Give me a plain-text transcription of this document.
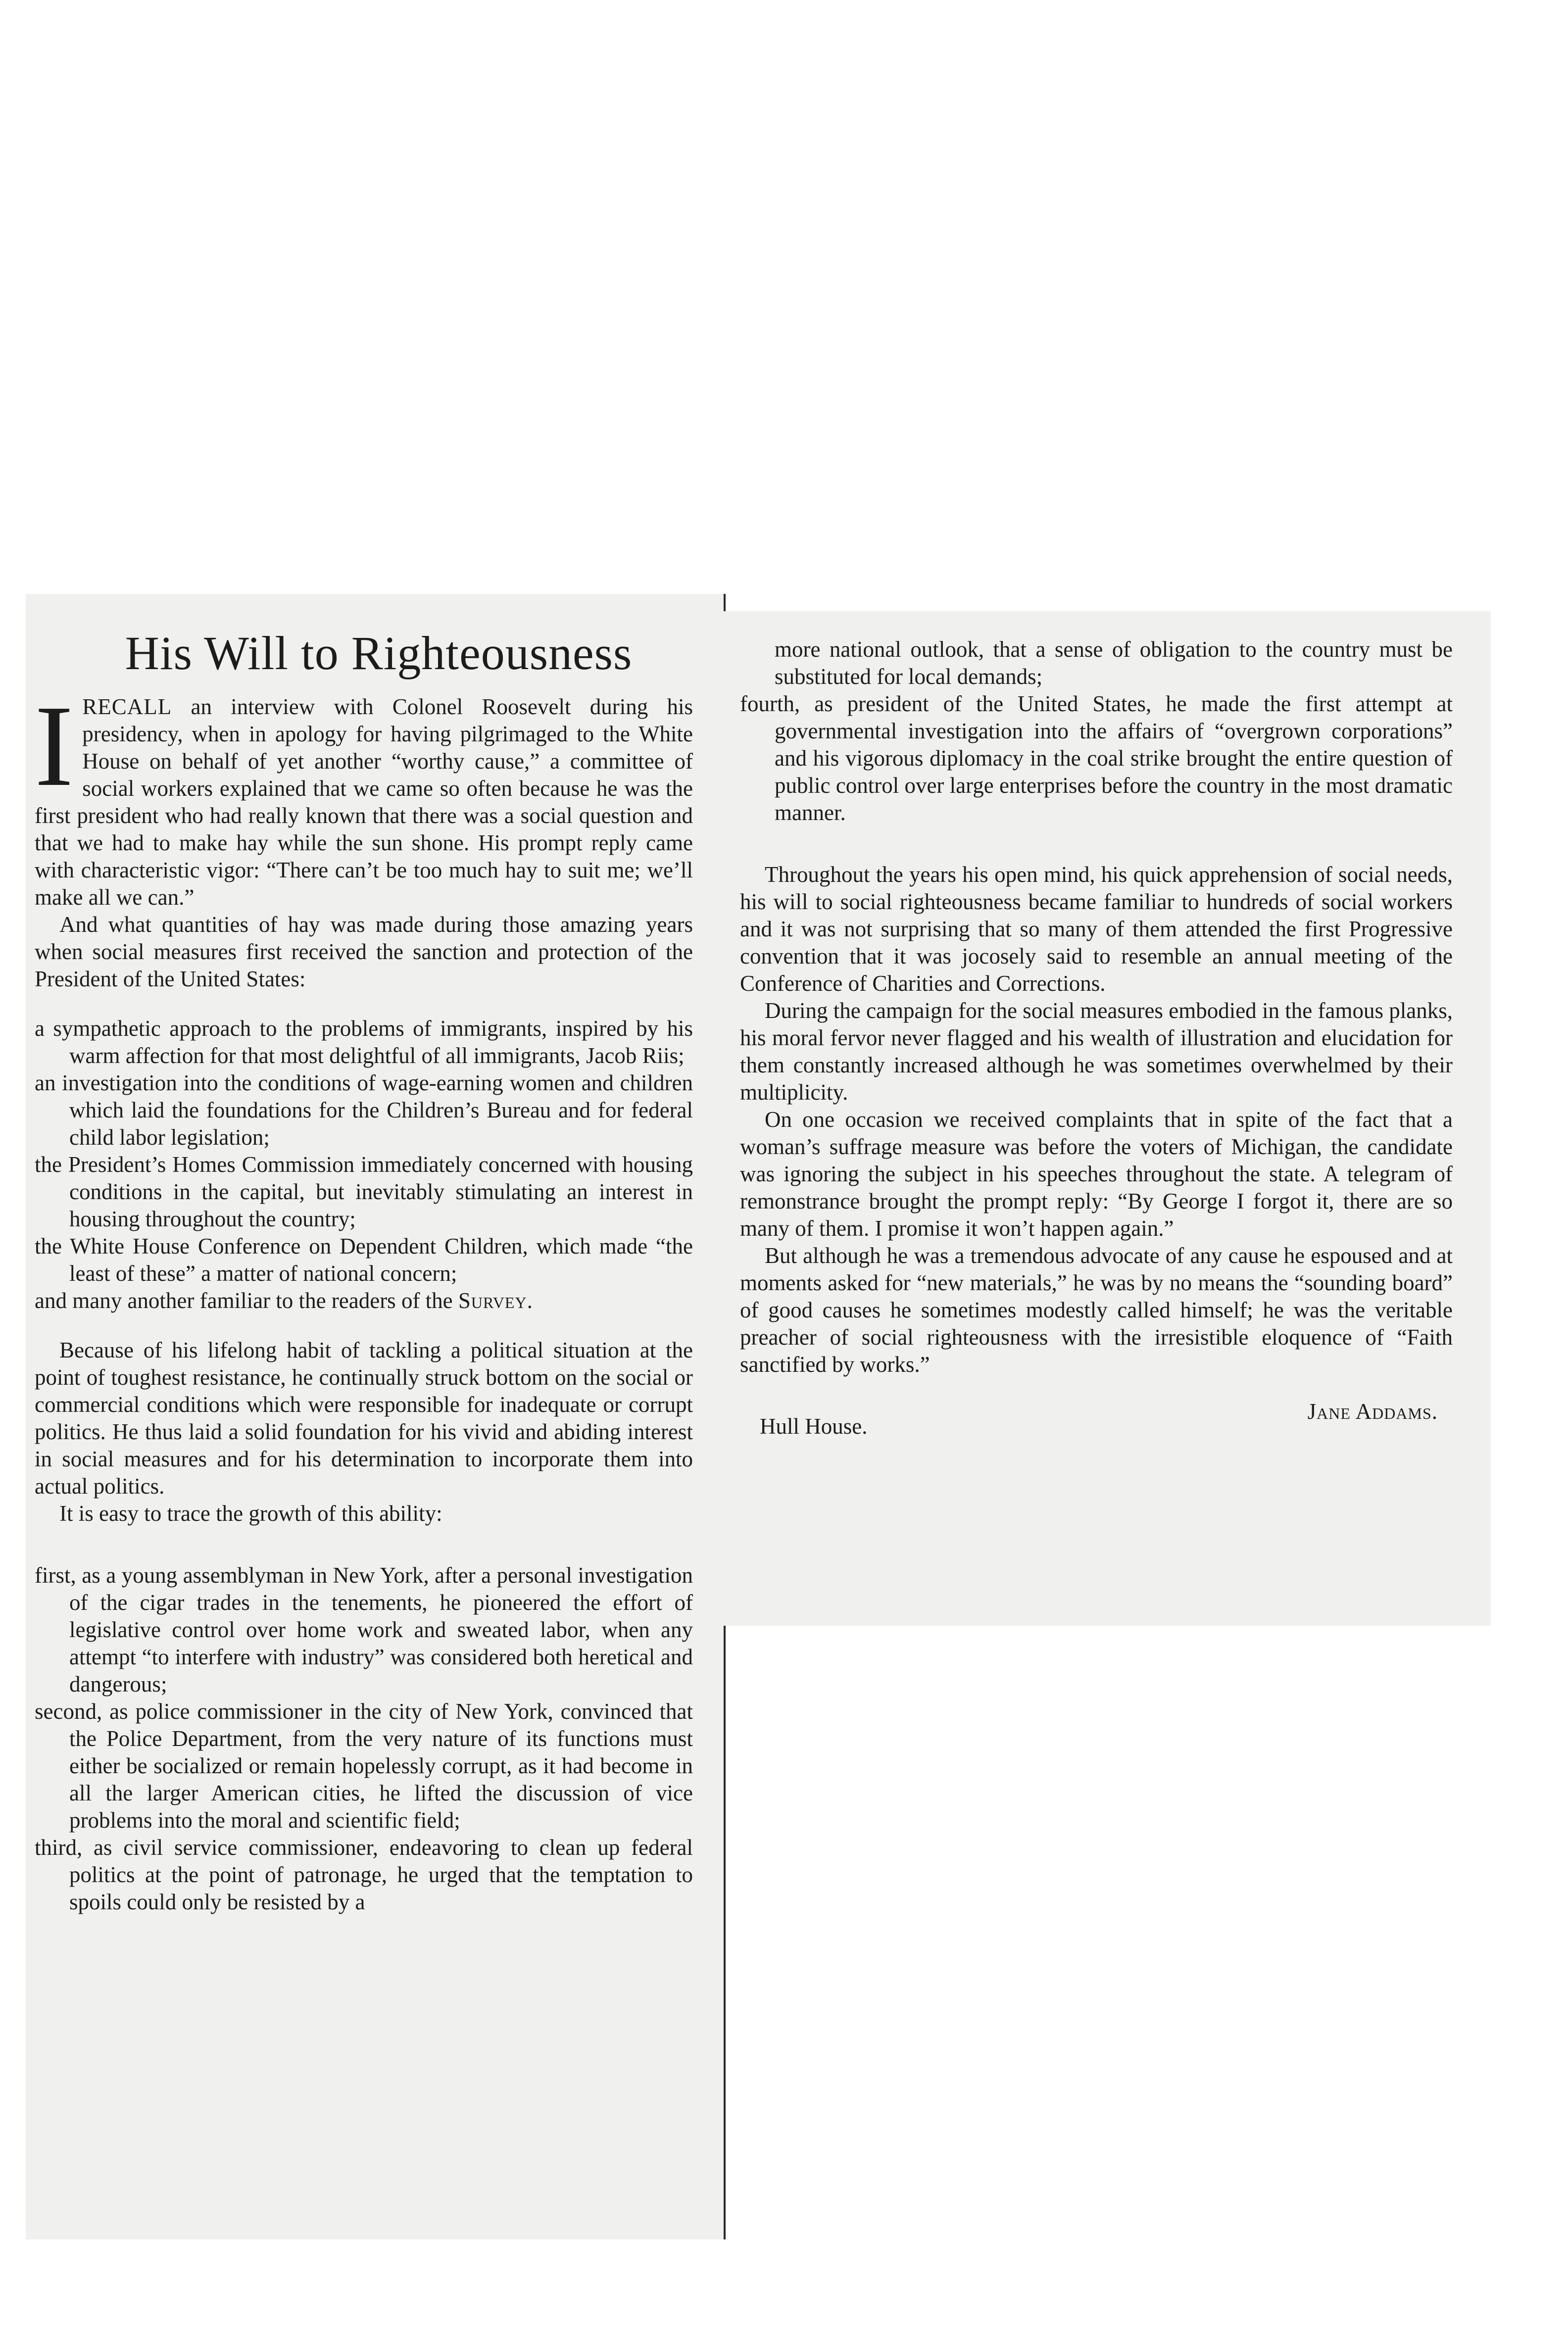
His Will to Righteousness

I RECALL an interview with Colonel Roosevelt during his presidency, when in apology for having pilgrimaged to the White House on behalf of yet another “worthy cause,” a committee of social workers explained that we came so often because he was the first president who had really known that there was a social question and that we had to make hay while the sun shone. His prompt reply came with characteristic vigor: “There can’t be too much hay to suit me; we’ll make all we can.”

And what quantities of hay was made during those amazing years when social measures first received the sanction and protection of the President of the United States:

a sympathetic approach to the problems of immigrants, inspired by his warm affection for that most delightful of all immigrants, Jacob Riis;
an investigation into the conditions of wage-earning women and children which laid the foundations for the Children’s Bureau and for federal child labor legislation;
the President’s Homes Commission immediately concerned with housing conditions in the capital, but inevitably stimulating an interest in housing throughout the country;
the White House Conference on Dependent Children, which made “the least of these” a matter of national concern;
and many another familiar to the readers of the Survey.

Because of his lifelong habit of tackling a political situation at the point of toughest resistance, he continually struck bottom on the social or commercial conditions which were responsible for inadequate or corrupt politics. He thus laid a solid foundation for his vivid and abiding interest in social measures and for his determination to incorporate them into actual politics.

It is easy to trace the growth of this ability:

first, as a young assemblyman in New York, after a personal investigation of the cigar trades in the tenements, he pioneered the effort of legislative control over home work and sweated labor, when any attempt “to interfere with industry” was considered both heretical and dangerous;
second, as police commissioner in the city of New York, convinced that the Police Department, from the very nature of its functions must either be socialized or remain hopelessly corrupt, as it had become in all the larger American cities, he lifted the discussion of vice problems into the moral and scientific field;
third, as civil service commissioner, endeavoring to clean up federal politics at the point of patronage, he urged that the temptation to spoils could only be resisted by a

more national outlook, that a sense of obligation to the country must be substituted for local demands;

fourth, as president of the United States, he made the first attempt at governmental investigation into the affairs of “overgrown corporations” and his vigorous diplomacy in the coal strike brought the entire question of public control over large enterprises before the country in the most dramatic manner.

Throughout the years his open mind, his quick apprehension of social needs, his will to social righteousness became familiar to hundreds of social workers and it was not surprising that so many of them attended the first Progressive convention that it was jocosely said to resemble an annual meeting of the Conference of Charities and Corrections.

During the campaign for the social measures embodied in the famous planks, his moral fervor never flagged and his wealth of illustration and elucidation for them constantly increased although he was sometimes overwhelmed by their multiplicity.

On one occasion we received complaints that in spite of the fact that a woman’s suffrage measure was before the voters of Michigan, the candidate was ignoring the subject in his speeches throughout the state. A telegram of remonstrance brought the prompt reply: “By George I forgot it, there are so many of them. I promise it won’t happen again.”

But although he was a tremendous advocate of any cause he espoused and at moments asked for “new materials,” he was by no means the “sounding board” of good causes he sometimes modestly called himself; he was the veritable preacher of social righteousness with the irresistible eloquence of “Faith sanctified by works.”

Hull House.
Jane Addams.
